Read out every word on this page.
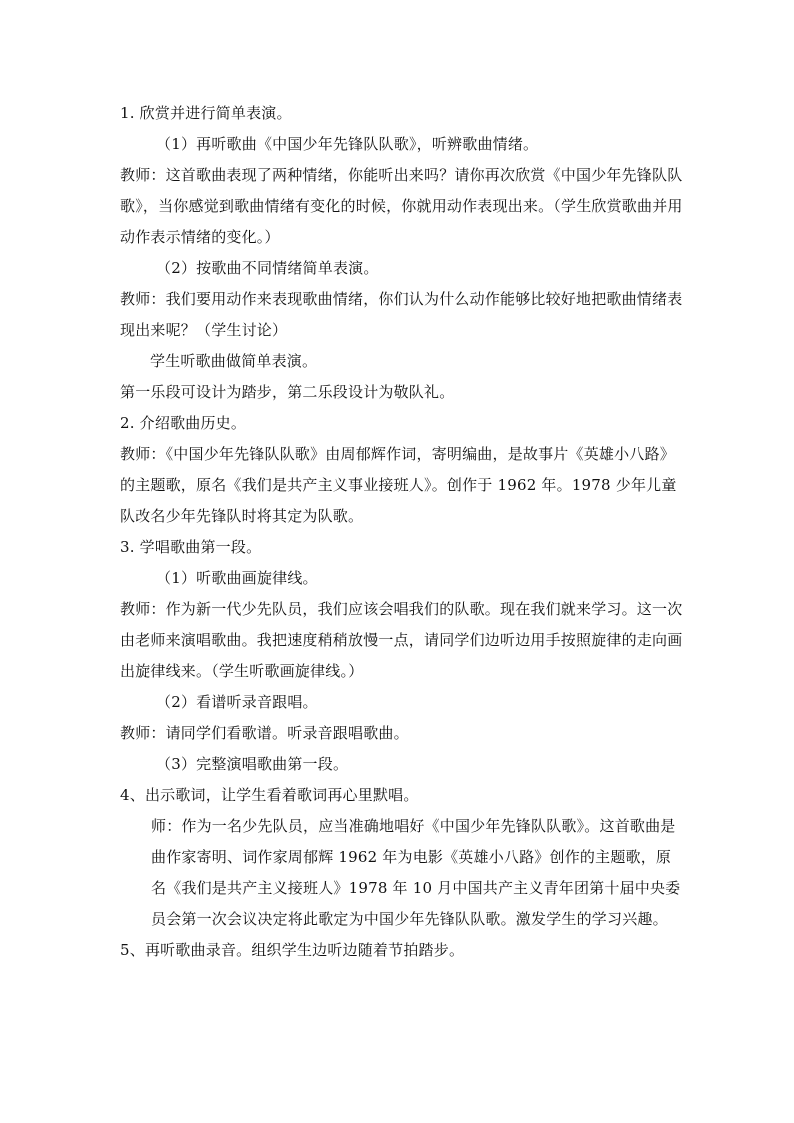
1. 欣赏并进行简单表演。

（1）再听歌曲《中国少年先锋队队歌》，听辨歌曲情绪。

教师：这首歌曲表现了两种情绪，你能听出来吗？请你再次欣赏《中国少年先锋队队歌》，当你感觉到歌曲情绪有变化的时候，你就用动作表现出来。（学生欣赏歌曲并用动作表示情绪的变化。）

（2）按歌曲不同情绪简单表演。

教师：我们要用动作来表现歌曲情绪，你们认为什么动作能够比较好地把歌曲情绪表现出来呢？（学生讨论）

学生听歌曲做简单表演。

第一乐段可设计为踏步，第二乐段设计为敬队礼。

2. 介绍歌曲历史。

教师：《中国少年先锋队队歌》由周郁辉作词，寄明编曲，是故事片《英雄小八路》的主题歌，原名《我们是共产主义事业接班人》。创作于 1962 年。1978 少年儿童队改名少年先锋队时将其定为队歌。

3. 学唱歌曲第一段。

（1）听歌曲画旋律线。

教师：作为新一代少先队员，我们应该会唱我们的队歌。现在我们就来学习。这一次由老师来演唱歌曲。我把速度稍稍放慢一点，请同学们边听边用手按照旋律的走向画出旋律线来。（学生听歌画旋律线。）

（2）看谱听录音跟唱。

教师：请同学们看歌谱。听录音跟唱歌曲。

（3）完整演唱歌曲第一段。

4、出示歌词，让学生看着歌词再心里默唱。

师：作为一名少先队员，应当准确地唱好《中国少年先锋队队歌》。这首歌曲是曲作家寄明、词作家周郁辉 1962 年为电影《英雄小八路》创作的主题歌，原名《我们是共产主义接班人》1978 年 10 月中国共产主义青年团第十届中央委员会第一次会议决定将此歌定为中国少年先锋队队歌。激发学生的学习兴趣。

5、再听歌曲录音。组织学生边听边随着节拍踏步。
